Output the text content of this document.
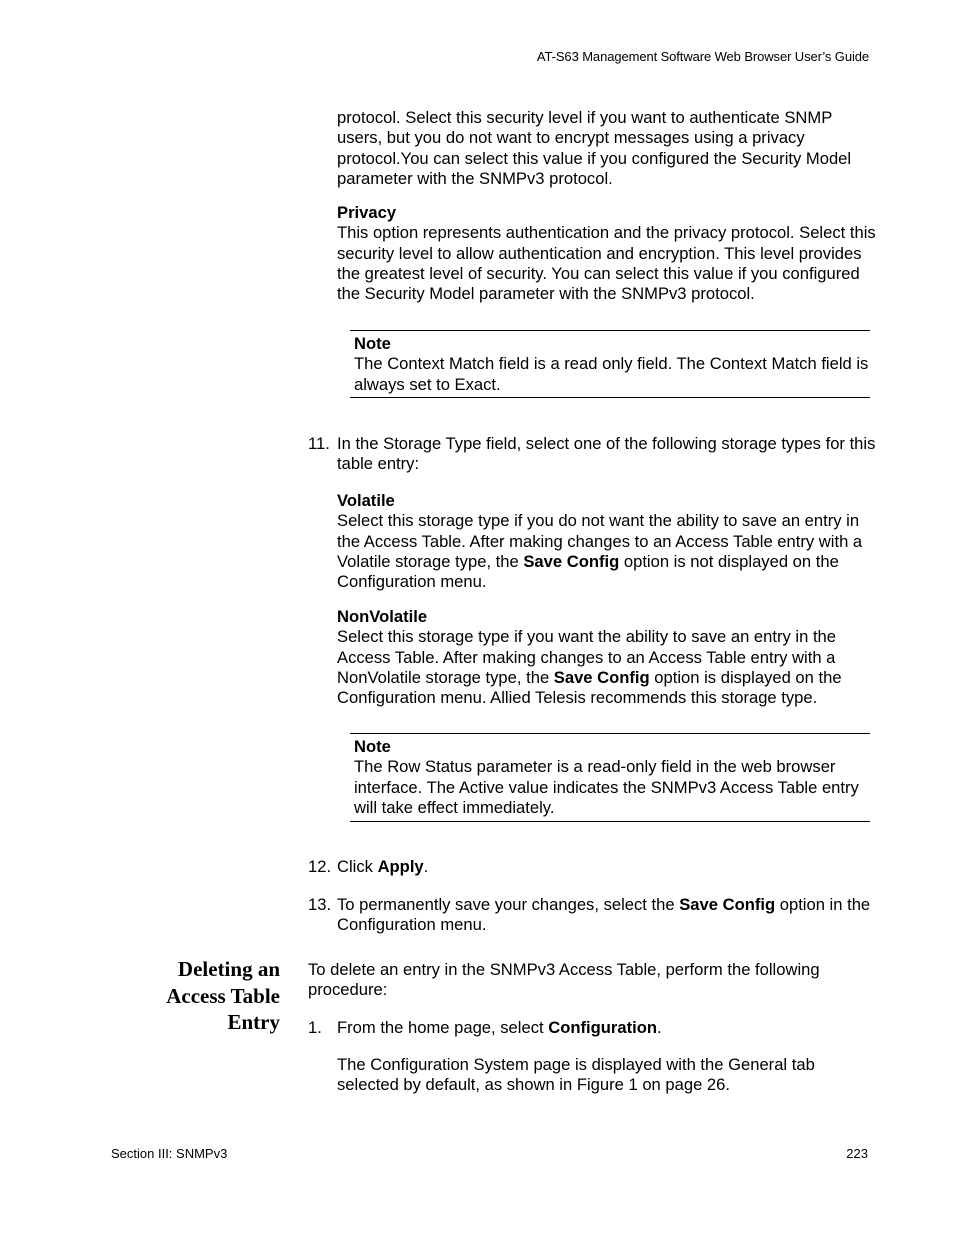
AT-S63 Management Software Web Browser User’s Guide
protocol. Select this security level if you want to authenticate SNMP users, but you do not want to encrypt messages using a privacy protocol.You can select this value if you configured the Security Model parameter with the SNMPv3 protocol.
Privacy
This option represents authentication and the privacy protocol. Select this security level to allow authentication and encryption. This level provides the greatest level of security. You can select this value if you configured the Security Model parameter with the SNMPv3 protocol.
Note
The Context Match field is a read only field. The Context Match field is always set to Exact.
11. In the Storage Type field, select one of the following storage types for this table entry:
Volatile
Select this storage type if you do not want the ability to save an entry in the Access Table. After making changes to an Access Table entry with a Volatile storage type, the Save Config option is not displayed on the Configuration menu.
NonVolatile
Select this storage type if you want the ability to save an entry in the Access Table. After making changes to an Access Table entry with a NonVolatile storage type, the Save Config option is displayed on the Configuration menu. Allied Telesis recommends this storage type.
Note
The Row Status parameter is a read-only field in the web browser interface. The Active value indicates the SNMPv3 Access Table entry will take effect immediately.
12. Click Apply.
13. To permanently save your changes, select the Save Config option in the Configuration menu.
Deleting an
Access Table
Entry
To delete an entry in the SNMPv3 Access Table, perform the following procedure:
1. From the home page, select Configuration.
The Configuration System page is displayed with the General tab selected by default, as shown in Figure 1 on page 26.
Section III: SNMPv3	223
